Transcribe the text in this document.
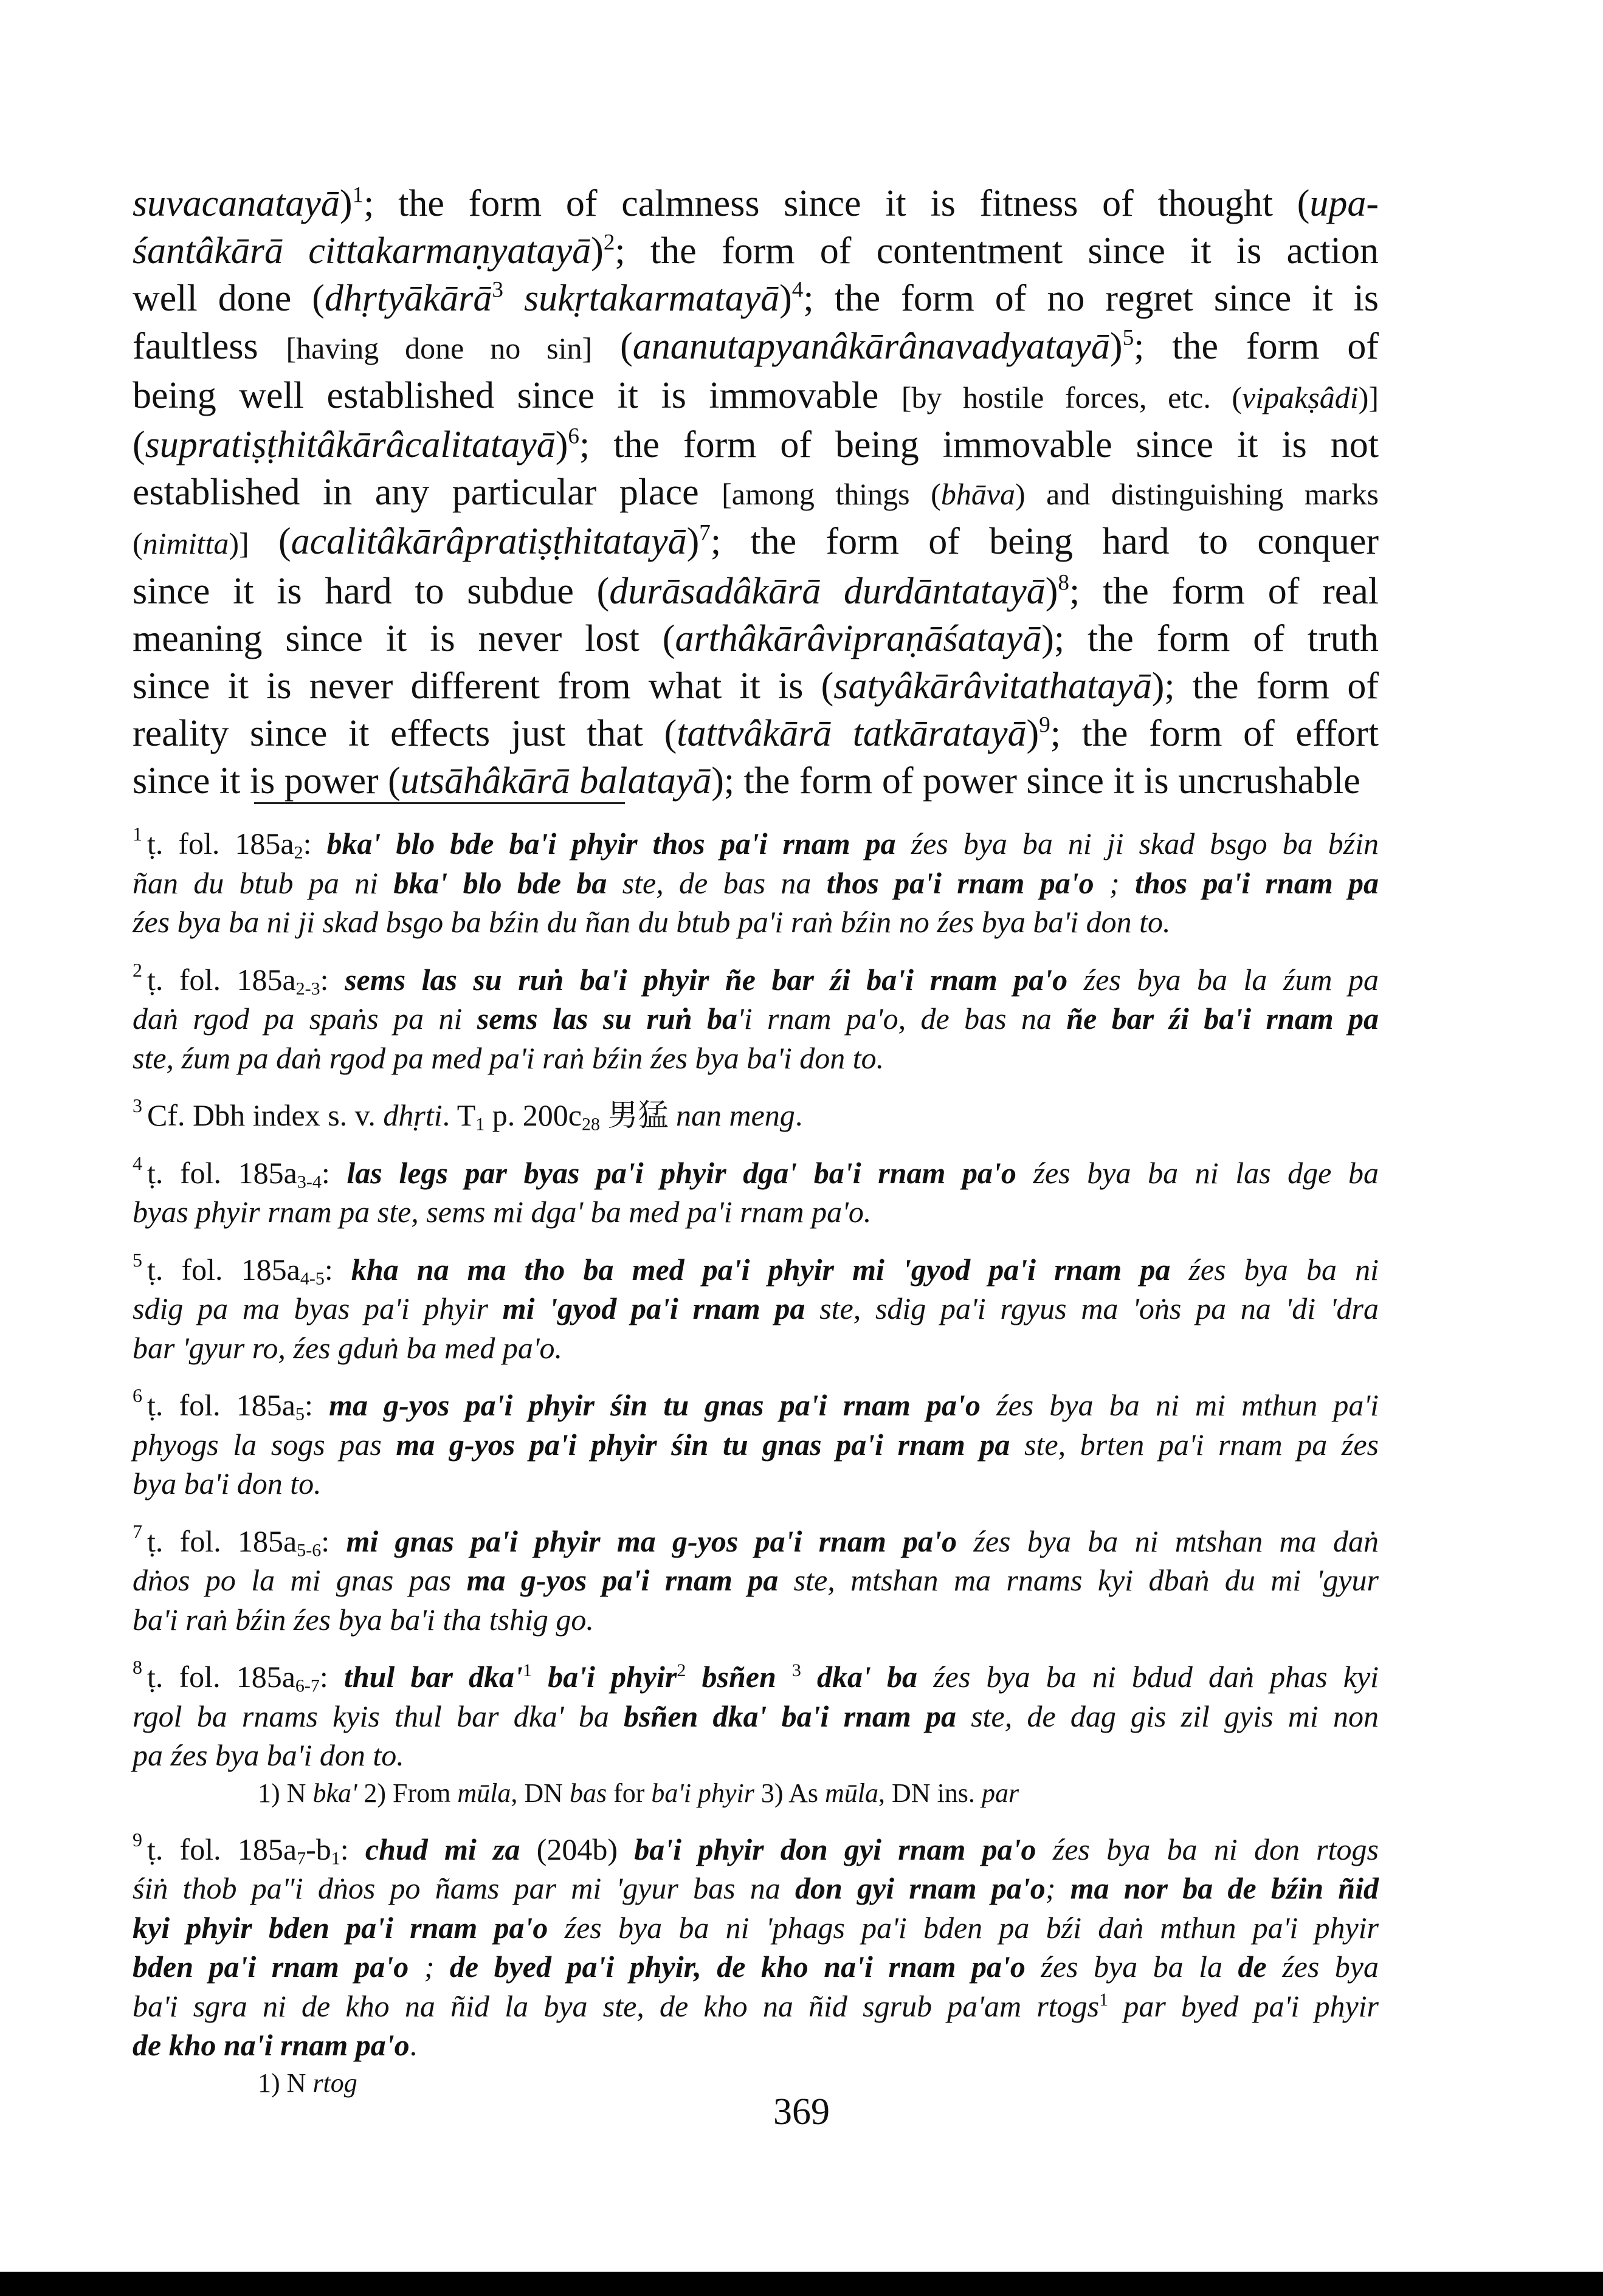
suvacanatayā)$^1$; the form of calmness since it is fitness of thought (upa-
śantâkārā cittakarmaṇyatayā)$^2$; the form of contentment since it is action
well done (dhṛtyākārā$^3$ sukṛtakarmatayā)$^4$; the form of no regret since it is
faultless [having done no sin] (ananutapyanâkārânavadyatayā)$^5$; the form of
being well established since it is immovable [by hostile forces, etc. (vipakṣâdi)]
(supratiṣṭhitâkārâcalitatayā)$^6$; the form of being immovable since it is not
established in any particular place [among things (bhāva) and distinguishing marks
(nimitta)] (acalitâkārâpratiṣṭhitatayā)$^7$; the form of being hard to conquer
since it is hard to subdue (durāsadâkārā durdāntatayā)$^8$; the form of real
meaning since it is never lost (arthâkārâvipraṇāśatayā); the form of truth
since it is never different from what it is (satyâkārâvitathatayā); the form of
reality since it effects just that (tattvâkārā tatkāratayā)$^9$; the form of effort
since it is power (utsāhâkārā balatayā); the form of power since it is uncrushable
$^1$ ṭ. fol. $185a_2$: bka' blo bde ba'i phyir thos pa'i rnam pa źes bya ba ni ji skad bsgo ba bźin
ñan du btub pa ni bka' blo bde ba ste, de bas na thos pa'i rnam pa'o ; thos pa'i rnam pa
źes bya ba ni ji skad bsgo ba bźin du ñan du btub pa'i raṅ bźin no źes bya ba'i don to.
$^2$ ṭ. fol. $185a_{2-3}$: sems las su ruṅ ba'i phyir ñe bar źi ba'i rnam pa'o źes bya ba la źum pa
daṅ rgod pa spaṅs pa ni sems las su ruṅ ba'i rnam pa'o, de bas na ñe bar źi ba'i rnam pa
ste, źum pa daṅ rgod pa med pa'i raṅ bźin źes bya ba'i don to.
$^3$ Cf. Dbh index s. v. dhṛti. $T_1$ p. $200c_{28}$ 男猛 nan meng.
$^4$ ṭ. fol. $185a_{3-4}$: las legs par byas pa'i phyir dga' ba'i rnam pa'o źes bya ba ni las dge ba
byas phyir rnam pa ste, sems mi dga' ba med pa'i rnam pa'o.
$^5$ ṭ. fol. $185a_{4-5}$: kha na ma tho ba med pa'i phyir mi 'gyod pa'i rnam pa źes bya ba ni
sdig pa ma byas pa'i phyir mi 'gyod pa'i rnam pa ste, sdig pa'i rgyus ma 'oṅs pa na 'di 'dra
bar 'gyur ro, źes gduṅ ba med pa'o.
$^6$ ṭ. fol. $185a_5$: ma g-yos pa'i phyir śin tu gnas pa'i rnam pa'o źes bya ba ni mi mthun pa'i
phyogs la sogs pas ma g-yos pa'i phyir śin tu gnas pa'i rnam pa ste, brten pa'i rnam pa źes
bya ba'i don to.
$^7$ ṭ. fol. $185a_{5-6}$: mi gnas pa'i phyir ma g-yos pa'i rnam pa'o źes bya ba ni mtshan ma daṅ
dṅos po la mi gnas pas ma g-yos pa'i rnam pa ste, mtshan ma rnams kyi dbaṅ du mi 'gyur
ba'i raṅ bźin źes bya ba'i tha tshig go.
$^8$ ṭ. fol. $185a_{6-7}$: thul bar $dka'^1$ ba'i phyir$^2$ bsñen $^3$ dka' ba źes bya ba ni bdud daṅ phas kyi
rgol ba rnams kyis thul bar dka' ba bsñen dka' ba'i rnam pa ste, de dag gis zil gyis mi non
pa źes bya ba'i don to.
1) N bka' 2) From mūla, DN bas for ba'i phyir 3) As mūla, DN ins. par
$^9$ ṭ. fol. $185a_7-b_1$: chud mi za (204b) ba'i phyir don gyi rnam pa'o źes bya ba ni don rtogs
śiṅ thob pa"i dṅos po ñams par mi 'gyur bas na don gyi rnam pa'o; ma nor ba de bźin ñid
kyi phyir bden pa'i rnam pa'o źes bya ba ni 'phags pa'i bden pa bźi daṅ mthun pa'i phyir
bden pa'i rnam pa'o ; de byed pa'i phyir, de kho na'i rnam pa'o źes bya ba la de źes bya
ba'i sgra ni de kho na ñid la bya ste, de kho na ñid sgrub pa'am rtogs$^1$ par byed pa'i phyir
de kho na'i rnam pa'o.
1) N rtog
369
